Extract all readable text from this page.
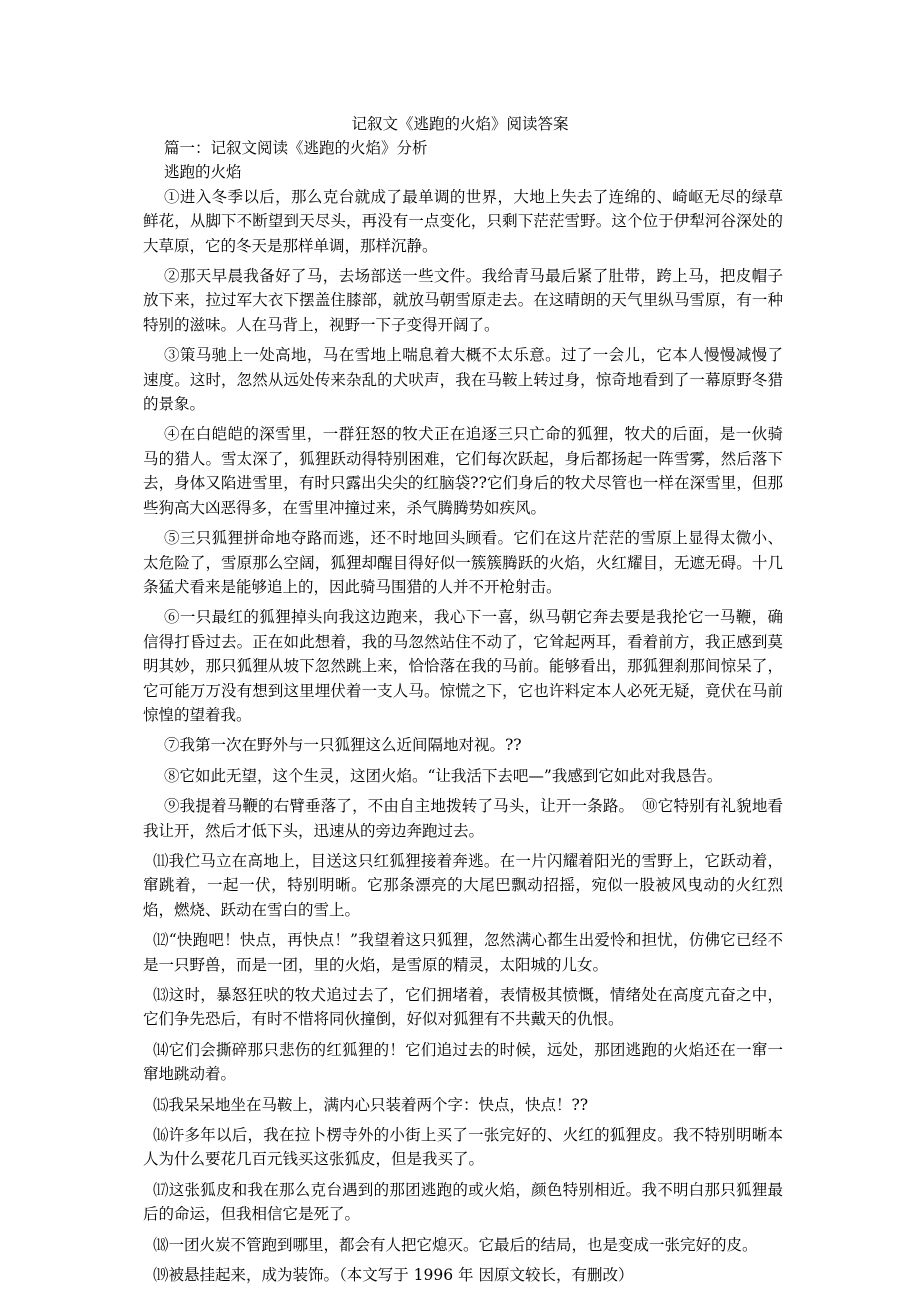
记叙文《逃跑的火焰》阅读答案

篇一：记叙文阅读《逃跑的火焰》分析

逃跑的火焰

①进入冬季以后，那么克台就成了最单调的世界，大地上失去了连绵的、崎岖无尽的绿草鲜花，从脚下不断望到天尽头，再没有一点变化，只剩下茫茫雪野。这个位于伊犁河谷深处的大草原，它的冬天是那样单调，那样沉静。

②那天早晨我备好了马，去场部送一些文件。我给青马最后紧了肚带，跨上马，把皮帽子放下来，拉过军大衣下摆盖住膝部，就放马朝雪原走去。在这晴朗的天气里纵马雪原，有一种特别的滋味。人在马背上，视野一下子变得开阔了。

③策马驰上一处高地，马在雪地上喘息着大概不太乐意。过了一会儿，它本人慢慢减慢了速度。这时，忽然从远处传来杂乱的犬吠声，我在马鞍上转过身，惊奇地看到了一幕原野冬猎的景象。

④在白皑皑的深雪里，一群狂怒的牧犬正在追逐三只亡命的狐狸，牧犬的后面，是一伙骑马的猎人。雪太深了，狐狸跃动得特别困难，它们每次跃起，身后都扬起一阵雪雾，然后落下去，身体又陷进雪里，有时只露出尖尖的红脑袋??它们身后的牧犬尽管也一样在深雪里，但那些狗高大凶恶得多，在雪里冲撞过来，杀气腾腾势如疾风。

⑤三只狐狸拼命地夺路而逃，还不时地回头顾看。它们在这片茫茫的雪原上显得太微小、太危险了，雪原那么空阔，狐狸却醒目得好似一簇簇腾跃的火焰，火红耀目，无遮无碍。十几条猛犬看来是能够追上的，因此骑马围猎的人并不开枪射击。

⑥一只最红的狐狸掉头向我这边跑来，我心下一喜，纵马朝它奔去要是我抡它一马鞭，确信得打昏过去。正在如此想着，我的马忽然站住不动了，它耸起两耳，看着前方，我正感到莫明其妙，那只狐狸从坡下忽然跳上来，恰恰落在我的马前。能够看出，那狐狸刹那间惊呆了，它可能万万没有想到这里埋伏着一支人马。惊慌之下，它也许料定本人必死无疑，竟伏在马前惊惶的望着我。

⑦我第一次在野外与一只狐狸这么近间隔地对视。??

⑧它如此无望，这个生灵，这团火焰。“让我活下去吧—”我感到它如此对我恳告。

⑨我提着马鞭的右臂垂落了，不由自主地拨转了马头，让开一条路。　⑩它特别有礼貌地看我让开，然后才低下头，迅速从的旁边奔跑过去。

⑾我伫马立在高地上，目送这只红狐狸接着奔逃。在一片闪耀着阳光的雪野上，它跃动着，窜跳着，一起一伏，特别明晰。它那条漂亮的大尾巴飘动招摇，宛似一股被风曳动的火红烈焰，燃烧、跃动在雪白的雪上。

⑿“快跑吧！快点，再快点！”我望着这只狐狸，忽然满心都生出爱怜和担忧，仿佛它已经不是一只野兽，而是一团，里的火焰，是雪原的精灵，太阳城的儿女。

⒀这时，暴怒狂吠的牧犬追过去了，它们拥堵着，表情极其愤慨，情绪处在高度亢奋之中，它们争先恐后，有时不惜将同伙撞倒，好似对狐狸有不共戴天的仇恨。

⒁它们会撕碎那只悲伤的红狐狸的！它们追过去的时候，远处，那团逃跑的火焰还在一窜一窜地跳动着。

⒂我呆呆地坐在马鞍上，满内心只装着两个字：快点，快点！??

⒃许多年以后，我在拉卜楞寺外的小街上买了一张完好的、火红的狐狸皮。我不特别明晰本人为什么要花几百元钱买这张狐皮，但是我买了。

⒄这张狐皮和我在那么克台遇到的那团逃跑的或火焰，颜色特别相近。我不明白那只狐狸最后的命运，但我相信它是死了。

⒅一团火炭不管跑到哪里，都会有人把它熄灭。它最后的结局，也是变成一张完好的皮。

⒆被悬挂起来，成为装饰。（本文写于 1996 年 因原文较长，有删改）
